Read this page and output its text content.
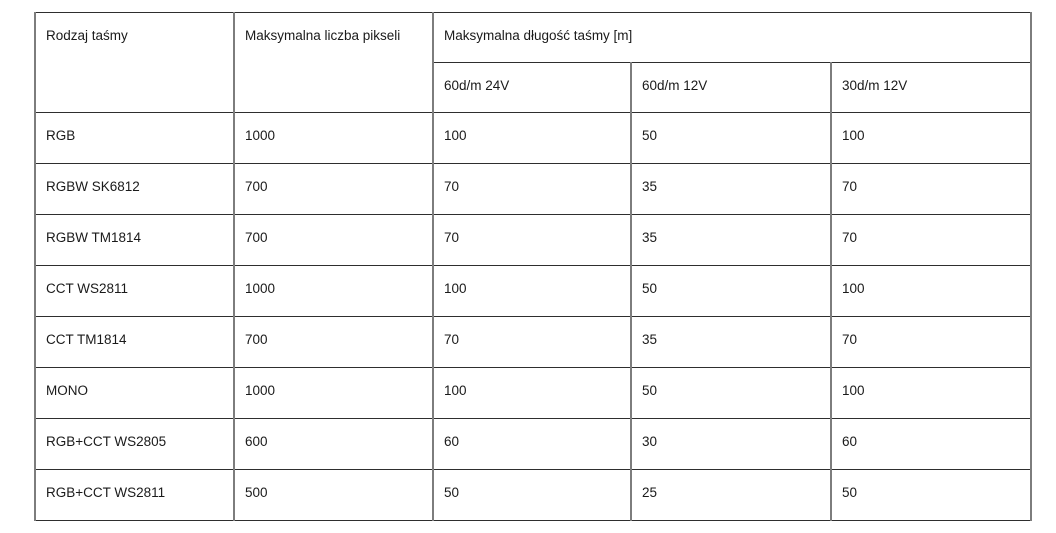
Rodzaj taśmy	Maksymalna liczba pikseli	Maksymalna długość taśmy [m]		
		60d/m 24V	60d/m 12V	30d/m 12V
RGB	1000	100	50	100
RGBW SK6812	700	70	35	70
RGBW TM1814	700	70	35	70
CCT WS2811	1000	100	50	100
CCT TM1814	700	70	35	70
MONO	1000	100	50	100
RGB+CCT WS2805	600	60	30	60
RGB+CCT WS2811	500	50	25	50
